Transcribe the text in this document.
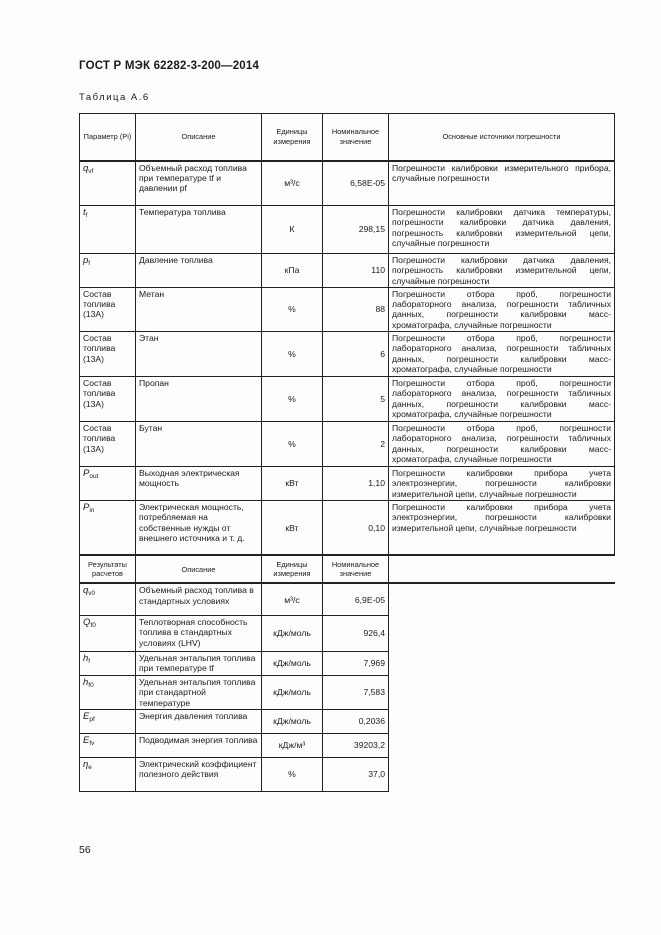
ГОСТ Р МЭК 62282-3-200—2014
Таблица А.6
Параметр (Pi)	Описание	Единицы измерения	Номинальное значение	Основные источники погрешности
$q_{vf}$	Объемный расход топлива при температуре tf и давлении pf	м³/с	6,58E-05	Погрешности калибровки измерительного прибора, случайные погрешности
$t_f$	Температура топлива	К	298,15	Погрешности калибровки датчика температуры, погрешности калибровки датчика давления, погрешность калибровки измерительной цепи, случайные погрешности
$p_f$	Давление топлива	кПа	110	Погрешности калибровки датчика давления, погрешность калибровки измерительной цепи, случайные погрешности
Состав топлива (13А)	Метан	%	88	Погрешности отбора проб, погрешности лабораторного анализа, погрешности табличных данных, погрешности калибровки масс-хроматографа, случайные погрешности
Состав топлива (13А)	Этан	%	6	Погрешности отбора проб, погрешности лабораторного анализа, погрешности табличных данных, погрешности калибровки масс-хроматографа, случайные погрешности
Состав топлива (13А)	Пропан	%	5	Погрешности отбора проб, погрешности лабораторного анализа, погрешности табличных данных, погрешности калибровки масс-хроматографа, случайные погрешности
Состав топлива (13А)	Бутан	%	2	Погрешности отбора проб, погрешности лабораторного анализа, погрешности табличных данных, погрешности калибровки масс-хроматографа, случайные погрешности
$P_{out}$	Выходная электрическая мощность	кВт	1,10	Погрешности калибровки прибора учета электроэнергии, погрешности калибровки измерительной цепи, случайные погрешности
$P_{in}$	Электрическая мощность, потребляемая на собственные нужды от внешнего источника и т. д.	кВт	0,10	Погрешности калибровки прибора учета электроэнергии, погрешности калибровки измерительной цепи, случайные погрешности
Результаты расчетов	Описание	Единицы измерения	Номинальное значение	
$q_{v0}$	Объемный расход топлива в стандартных условиях	м³/с	6,9E-05	
$Q_{f0}$	Теплотворная способность топлива в стандартных условиях (LHV)	кДж/моль	926,4	
$h_f$	Удельная энтальпия топлива при температуре tf	кДж/моль	7,969	
$h_{f0}$	Удельная энтальпия топлива при стандартной температуре	кДж/моль	7,583	
$E_{pf}$	Энергия давления топлива	кДж/моль	0,2036	
$E_{fv}$	Подводимая энергия топлива	кДж/м³	39203,2	
$\eta_e$	Электрический коэффициент полезного действия	%	37,0	
56
